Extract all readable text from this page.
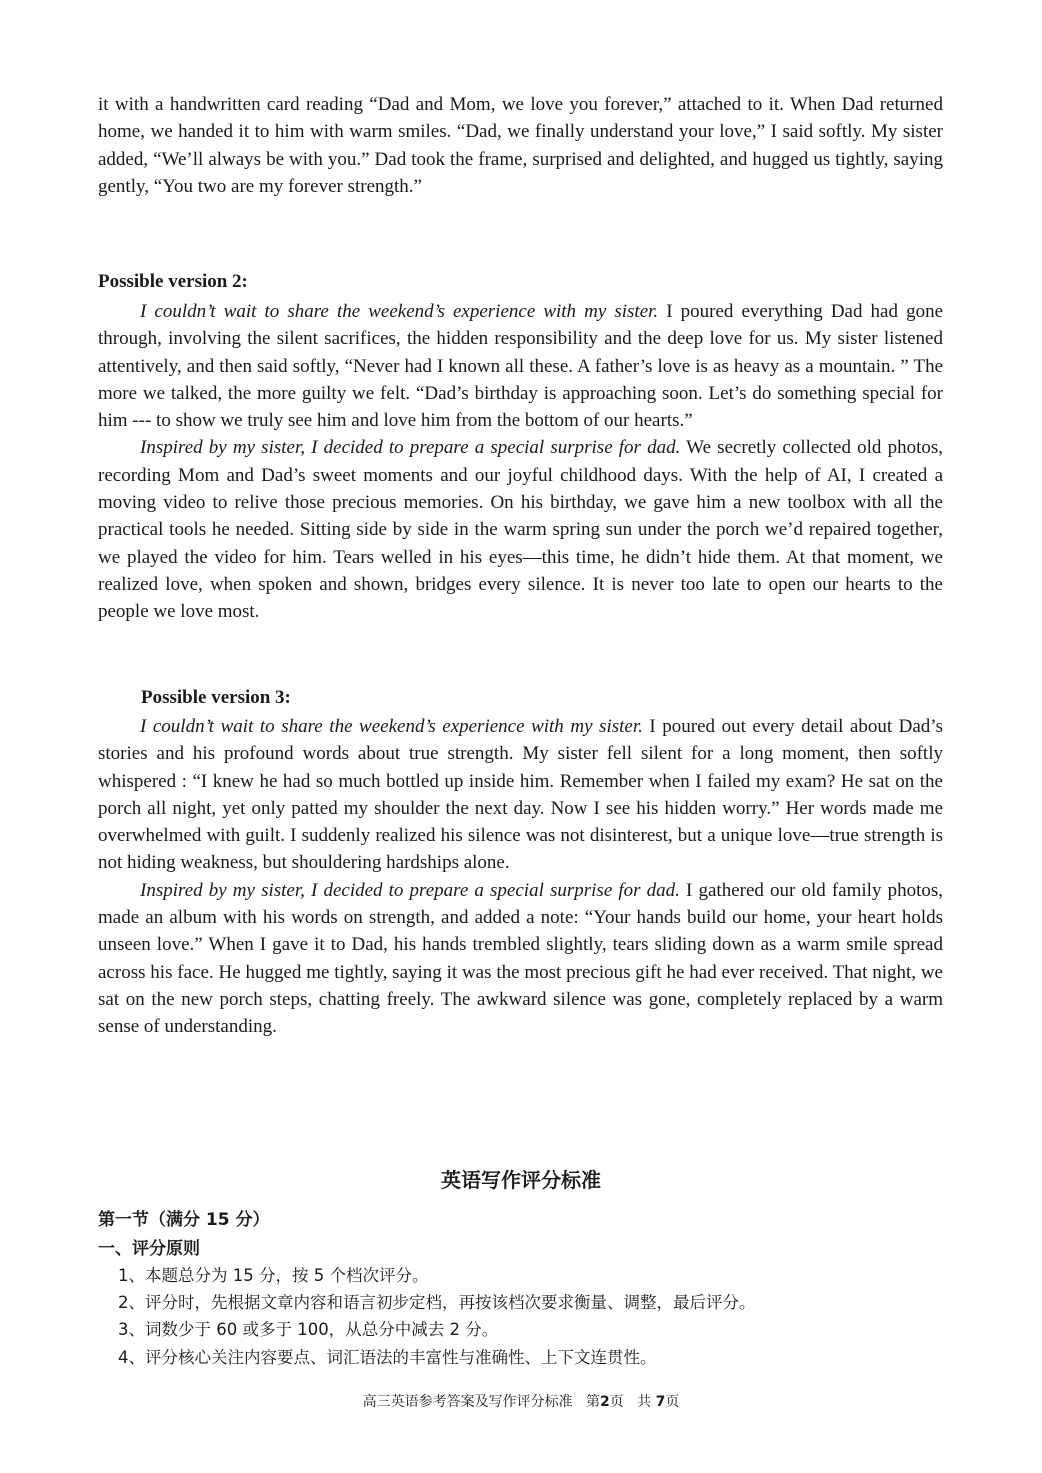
it with a handwritten card reading “Dad and Mom, we love you forever,” attached to it. When Dad returned home, we handed it to him with warm smiles. “Dad, we finally understand your love,” I said softly. My sister added, “We’ll always be with you.” Dad took the frame, surprised and delighted, and hugged us tightly, saying gently, “You two are my forever strength.”

Possible version 2:

I couldn’t wait to share the weekend’s experience with my sister. I poured everything Dad had gone through, involving the silent sacrifices, the hidden responsibility and the deep love for us. My sister listened attentively, and then said softly, “Never had I known all these. A father’s love is as heavy as a mountain. ” The more we talked, the more guilty we felt. “Dad’s birthday is approaching soon. Let’s do something special for him --- to show we truly see him and love him from the bottom of our hearts.”

Inspired by my sister, I decided to prepare a special surprise for dad. We secretly collected old photos, recording Mom and Dad’s sweet moments and our joyful childhood days. With the help of AI, I created a moving video to relive those precious memories. On his birthday, we gave him a new toolbox with all the practical tools he needed. Sitting side by side in the warm spring sun under the porch we’d repaired together, we played the video for him. Tears welled in his eyes—this time, he didn’t hide them. At that moment, we realized love, when spoken and shown, bridges every silence. It is never too late to open our hearts to the people we love most.

Possible version 3:

I couldn’t wait to share the weekend’s experience with my sister. I poured out every detail about Dad’s stories and his profound words about true strength. My sister fell silent for a long moment, then softly whispered : “I knew he had so much bottled up inside him. Remember when I failed my exam? He sat on the porch all night, yet only patted my shoulder the next day. Now I see his hidden worry.” Her words made me overwhelmed with guilt. I suddenly realized his silence was not disinterest, but a unique love—true strength is not hiding weakness, but shouldering hardships alone.

Inspired by my sister, I decided to prepare a special surprise for dad. I gathered our old family photos, made an album with his words on strength, and added a note: “Your hands build our home, your heart holds unseen love.” When I gave it to Dad, his hands trembled slightly, tears sliding down as a warm smile spread across his face. He hugged me tightly, saying it was the most precious gift he had ever received. That night, we sat on the new porch steps, chatting freely. The awkward silence was gone, completely replaced by a warm sense of understanding.

英语写作评分标准
第一节（满分 15 分）
一、评分原则
1、本题总分为 15 分，按 5 个档次评分。
2、评分时，先根据文章内容和语言初步定档，再按该档次要求衡量、调整，最后评分。
3、词数少于 60 或多于 100，从总分中减去 2 分。
4、评分核心关注内容要点、词汇语法的丰富性与准确性、上下文连贯性。
高三英语参考答案及写作评分标准 第2页 共 7页
